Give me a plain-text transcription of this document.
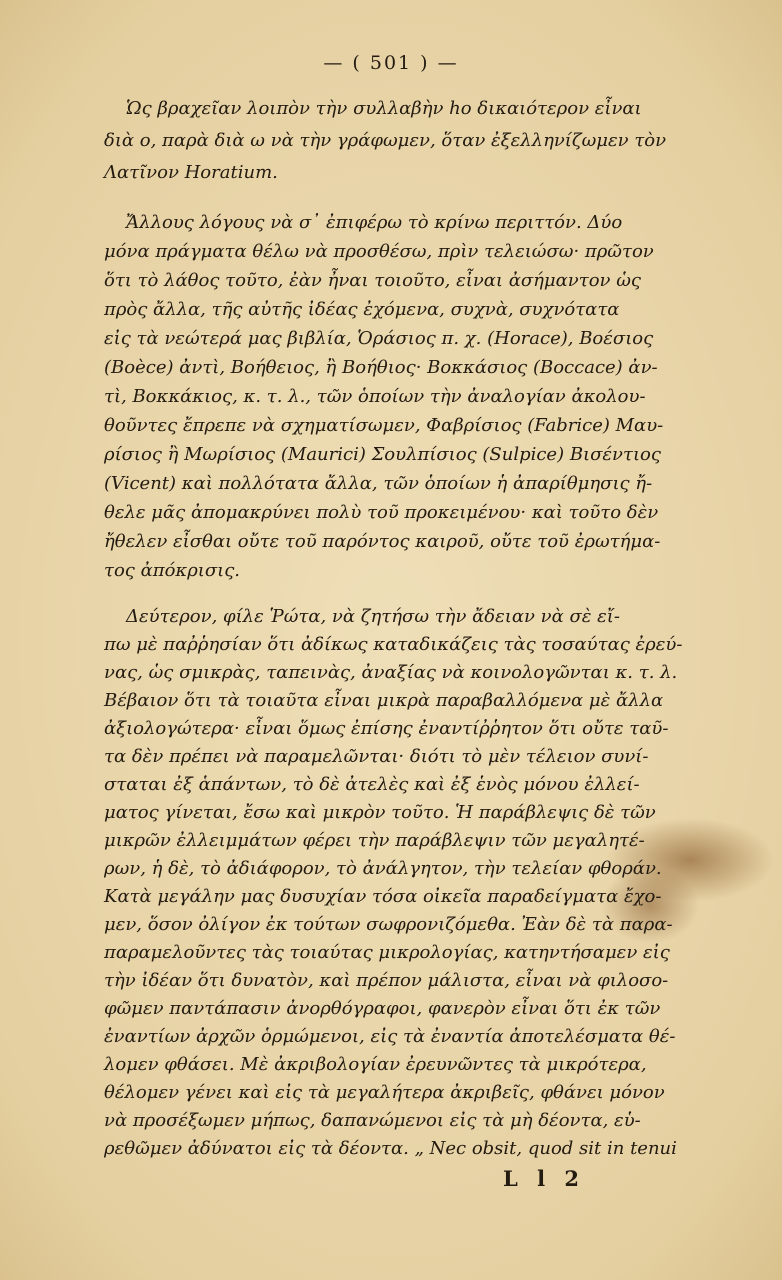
— ( 501 ) —
Ὡς βραχεῖαν λοιπὸν τὴν συλλαβὴν ho δικαιότερον εἶναι
διὰ ο, παρὰ διὰ ω νὰ τὴν γράφωμεν, ὅταν ἐξελληνίζωμεν τὸν
Λατῖνον Horatium.
Ἄλλους λόγους νὰ σ᾽ ἐπιφέρω τὸ κρίνω περιττόν. Δύο
μόνα πράγματα θέλω νὰ προσθέσω, πρὶν τελειώσω· πρῶτον
ὅτι τὸ λάθος τοῦτο, ἐὰν ἦναι τοιοῦτο, εἶναι ἀσήμαντον ὡς
πρὸς ἄλλα, τῆς αὐτῆς ἰδέας ἐχόμενα, συχνὰ, συχνότατα
εἰς τὰ νεώτερά μας βιβλία, Ὁράσιος π. χ. (Horace), Βοέσιος
(Boèce) ἀντὶ, Βοήθειος, ἢ Βοήθιος· Βοκκάσιος (Boccace) ἀν-
τὶ, Βοκκάκιος, κ. τ. λ., τῶν ὁποίων τὴν ἀναλογίαν ἀκολου-
θοῦντες ἔπρεπε νὰ σχηματίσωμεν, Φαβρίσιος (Fabrice) Μαυ-
ρίσιος ἢ Μωρίσιος (Maurici) Σουλπίσιος (Sulpice) Βισέντιος
(Vicent) καὶ πολλότατα ἄλλα, τῶν ὁποίων ἡ ἀπαρίθμησις ἤ-
θελε μᾶς ἀπομακρύνει πολὺ τοῦ προκειμένου· καὶ τοῦτο δὲν
ἤθελεν εἶσθαι οὔτε τοῦ παρόντος καιροῦ, οὔτε τοῦ ἐρωτήμα-
τος ἀπόκρισις.
Δεύτερον, φίλε Ῥώτα, νὰ ζητήσω τὴν ἄδειαν νὰ σὲ εἴ-
πω μὲ παῤῥησίαν ὅτι ἀδίκως καταδικάζεις τὰς τοσαύτας ἐρεύ-
νας, ὡς σμικρὰς, ταπεινὰς, ἀναξίας νὰ κοινολογῶνται κ. τ. λ.
Βέβαιον ὅτι τὰ τοιαῦτα εἶναι μικρὰ παραβαλλόμενα μὲ ἄλλα
ἀξιολογώτερα· εἶναι ὅμως ἐπίσης ἐναντίῤῥητον ὅτι οὔτε ταῦ-
τα δὲν πρέπει νὰ παραμελῶνται· διότι τὸ μὲν τέλειον συνί-
σταται ἐξ ἁπάντων, τὸ δὲ ἀτελὲς καὶ ἐξ ἑνὸς μόνου ἐλλεί-
ματος γίνεται, ἔσω καὶ μικρὸν τοῦτο. Ἡ παράβλεψις δὲ τῶν
μικρῶν ἐλλειμμάτων φέρει τὴν παράβλεψιν τῶν μεγαλητέ-
ρων, ἡ δὲ, τὸ ἀδιάφορον, τὸ ἀνάλγητον, τὴν τελείαν φθοράν.
Κατὰ μεγάλην μας δυσυχίαν τόσα οἰκεῖα παραδείγματα ἔχο-
μεν, ὅσον ὀλίγον ἐκ τούτων σωφρονιζόμεθα. Ἐὰν δὲ τὰ παρα-
παραμελοῦντες τὰς τοιαύτας μικρολογίας, κατηντήσαμεν εἰς
τὴν ἰδέαν ὅτι δυνατὸν, καὶ πρέπον μάλιστα, εἶναι νὰ φιλοσο-
φῶμεν παντάπασιν ἀνορθόγραφοι, φανερὸν εἶναι ὅτι ἐκ τῶν
ἐναντίων ἀρχῶν ὁρμώμενοι, εἰς τὰ ἐναντία ἀποτελέσματα θέ-
λομεν φθάσει. Μὲ ἀκριβολογίαν ἐρευνῶντες τὰ μικρότερα,
θέλομεν γένει καὶ εἰς τὰ μεγαλήτερα ἀκριβεῖς, φθάνει μόνον
νὰ προσέξωμεν μήπως, δαπανώμενοι εἰς τὰ μὴ δέοντα, εὑ-
ρεθῶμεν ἀδύνατοι εἰς τὰ δέοντα. „ Nec obsit, quod sit in tenui
L l 2
